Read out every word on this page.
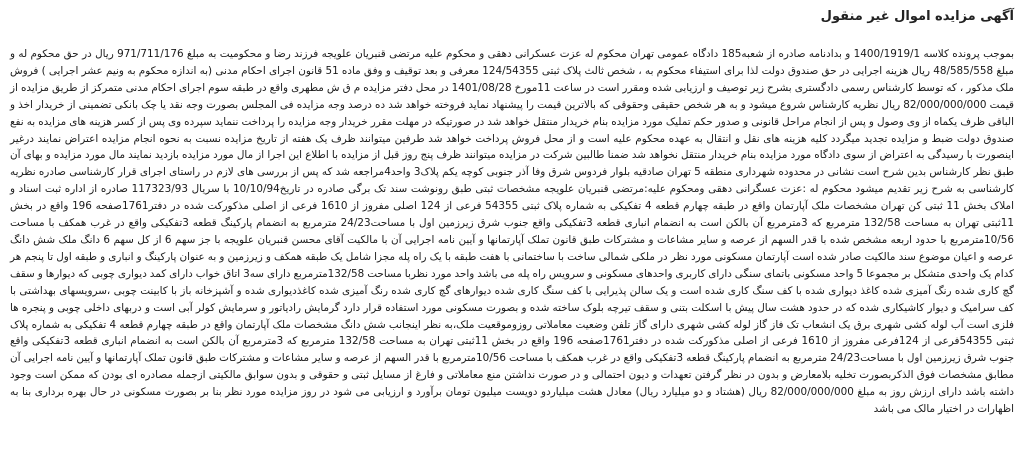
آگهی مزایده اموال غیر منقول

بموجب پرونده کلاسه 1400/1919/1 و بدادنامه صادره از شعبه185 دادگاه عمومی تهران محکوم له عزت عسکرانی دهقی و محکوم علیه مرتضی قنبریان علویجه فرزند رضا و محکومیت به مبلغ 971/711/176 ریال در حق محکوم له و مبلغ 48/585/558 ریال هزینه اجرایی در حق صندوق دولت لذا برای استیفاء محکوم به ، شخص ثالث پلاک ثبتی 124/54355 معرفی و بعد توقیف و وفق ماده 51 قانون اجرای احکام مدنی (به اندازه محکوم به ونیم عشر اجرایی ) فروش ملک مذکور ، که توسط کارشناس رسمی دادگستری بشرح زیر توصیف و ارزیابی شده ومقرر است در ساعت 11مورخ 1401/08/28 در محل دفتر مزایده م ق ش مطهری واقع در طبقه سوم اجرای احکام مدنی متمرکز از طریق مزایده از قیمت 82/000/000/000 ریال نظریه کارشناس شروع میشود و به هر شخص حقیقی وحقوقی که بالاترین قیمت را پیشنهاد نماید فروخته خواهد شد ده درصد وجه مزایده فی المجلس بصورت وجه نقد یا چک بانکی تضمینی از خریدار اخذ و الباقی ظرف یکماه از وی وصول و پس از انجام مراحل قانونی و صدور حکم تملیک مورد مزایده بنام خریدار منتقل خواهد شد در صورتیکه در مهلت مقرر خریدار وجه مزایده را پرداخت ننماید سپرده وی پس از کسر هزینه های مزایده به نفع صندوق دولت ضبط و مزایده تجدید میگردد کلیه هزینه های نقل و انتقال به عهده محکوم علیه است و از محل فروش پرداخت خواهد شد طرفین میتوانند ظرف یک هفته از تاریخ مزایده نسبت به نحوه انجام مزایده اعتراض نمایند درغیر اینصورت با رسیدگی به اعتراض از سوی دادگاه مورد مزایده بنام خریدار منتقل نخواهد شد ضمنا طالبین شرکت در مزایده میتوانند ظرف پنج روز قبل از مزایده با اطلاع این اجرا از مال مورد مزایده بازدید نمایند مال مورد مزایده و بهای آن طبق نظر کارشناس بدین شرح است نشانی در محدوده شهرداری منطقه 5 تهران صادقیه بلوار فردوس شرق وفا آذر جنوبی کوچه یکم پلاک3 واحد4مراجعه شد که پس از بررسی های لازم در راستای اجرای قرار کارشناسی صادره نظریه کارشناسی به شرح زیر تقدیم میشود محکوم له :عزت عسگرانی دهقی ومحکوم علیه:مرتضی قنبریان علویجه مشخصات ثبتی طبق رونوشت سند تک برگی صادره در تاریخ10/10/94 با سریال 117323/93 صادره از اداره ثبت اسناد و املاک بخش 11 ثبتی کن تهران مشخصات ملک آپارتمان واقع در طبقه چهارم قطعه 4 تفکیکی به شماره پلاک ثبتی 54355 فرعی از 124 اصلی مفروز از 1610 فرعی از اصلی مذکورکت شده در دفتر1761صفحه 196 واقع در بخش 11ثبتی تهران به مساحت 132/58 مترمربع که 3مترمربع آن بالکن است به انضمام انباری قطعه 3تفکیکی واقع جنوب شرق زیرزمین اول با مساحت24/23 مترمربع به انضمام پارکینگ قطعه 3تفکیکی واقع در غرب همکف با مساحت 10/56مترمربع با حدود اربعه مشخص شده با قدر السهم از عرصه و سایر مشاعات و مشترکات طبق قانون تملک آپارتمانها و آیین نامه اجرایی آن با مالکیت آقای محسن قنبریان علویجه با جز سهم 6 از کل سهم 6 دانگ ملک شش دانگ عرصه و اعیان موضوع سند مالکیت صادر شده است آپارتمان مسکونی مورد نظر در ملکی شمالی ساخت با ساختمانی با هفت طبقه با یک راه پله مجزا شامل یک طبقه همکف و زیرزمین و به عنوان پارکینگ و انباری و طبقه اول تا پنجم هر کدام یک واحدی متشکل بر مجموعا 5 واحد مسکونی باتمای سنگی دارای کاربری واحدهای مسکونی و سرویس راه پله می باشد واحد مورد نظربا مساحت 132/58مترمربع دارای سه3 اتاق خواب دارای کمد دیواری چوبی که دیوارها و سقف گچ کاری شده رنگ آمیزی شده کاغذ دیواری شده با کف سنگ کاری شده است و یک سالن پذیرایی با کف سنگ کاری شده دیوارهای گچ کاری شده رنگ آمیزی شده کاغذدیواری شده و آشپزخانه باز با کابینت چوبی ،سرویسهای بهداشتی با کف سرامیک و دیوار کاشیکاری شده که در حدود هشت سال پیش با اسکلت بتنی و سقف تیرچه بلوک ساخته شده و بصورت مسکونی مورد استفاده قرار دارد گرمایش رادیاتور و سرمایش کولر آبی است و دربهای داخلی چوبی و پنجره ها فلزی است آب لوله کشی شهری برق یک انشعاب تک فاز گاز لوله کشی شهری دارای گاز تلفن وضعیت معاملاتی روزوموقعیت ملک،به نظر اینجانب شش دانگ مشخصات ملک آپارتمان واقع در طبقه چهارم قطعه 4 تفکیکی به شماره پلاک ثبتی 54355فرعی از 124فرعی مفروز از 1610 فرعی از اصلی مذکورکت شده در دفتر1761صفحه 196 واقع در بخش 11ثبتی تهران به مساحت 132/58 مترمربع که 3مترمربع آن بالکن است به انضمام انباری قطعه 3تفکیکی واقع جنوب شرق زیرزمین اول با مساحت24/23 مترمربع به انضمام پارکینگ قطعه 3تفکیکی واقع در غرب همکف با مساحت 10/56مترمربع با قدر السهم از عرصه و سایر مشاعات و مشترکات طبق قانون تملک آپارتمانها و آیین نامه اجرایی آن مطابق مشخصات فوق الذکربصورت تخلیه بلامعارض و بدون در نظر گرفتن تعهدات و دیون احتمالی و در صورت نداشتن منع معاملاتی و فارغ از مسایل ثبتی و حقوقی و بدون سوابق مالکیتی ازجمله مصادره ای بودن که ممکن است وجود داشته باشد دارای ارزش روز به مبلغ 82/000/000/000 ریال (هشتاد و دو میلیارد ریال) معادل هشت میلیاردو دویست میلیون تومان برآورد و ارزیابی می شود در روز مزایده مورد نظر بنا بر بصورت مسکونی در حال بهره برداری بنا به اظهارات در اختیار مالک می باشد
